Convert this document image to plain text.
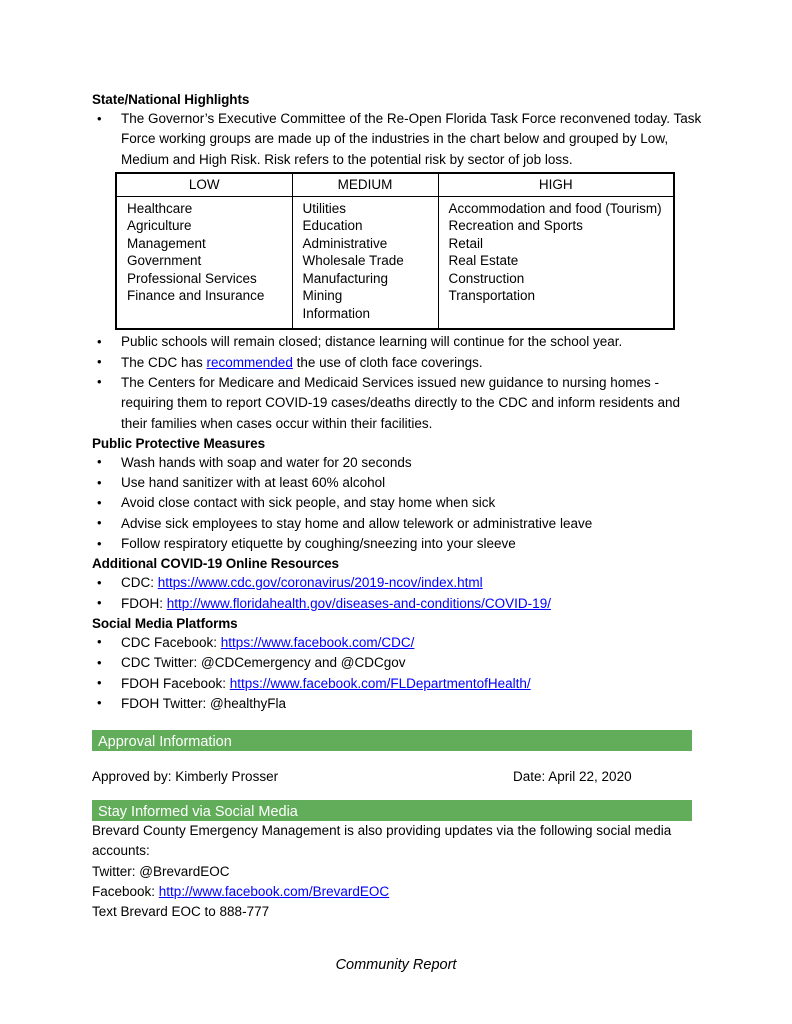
State/National Highlights
• The Governor’s Executive Committee of the Re-Open Florida Task Force reconvened today. Task Force working groups are made up of the industries in the chart below and grouped by Low, Medium and High Risk. Risk refers to the potential risk by sector of job loss.
LOW	MEDIUM	HIGH

Healthcare
Agriculture
Management
Government
Professional Services
Finance and Insurance

Utilities
Education
Administrative
Wholesale Trade
Manufacturing
Mining
Information

Accommodation and food (Tourism)
Recreation and Sports
Retail
Real Estate
Construction
Transportation
• Public schools will remain closed; distance learning will continue for the school year.
• The CDC has recommended the use of cloth face coverings.
• The Centers for Medicare and Medicaid Services issued new guidance to nursing homes - requiring them to report COVID-19 cases/deaths directly to the CDC and inform residents and their families when cases occur within their facilities.
Public Protective Measures
• Wash hands with soap and water for 20 seconds
• Use hand sanitizer with at least 60% alcohol
• Avoid close contact with sick people, and stay home when sick
• Advise sick employees to stay home and allow telework or administrative leave
• Follow respiratory etiquette by coughing/sneezing into your sleeve
Additional COVID-19 Online Resources
• CDC: https://www.cdc.gov/coronavirus/2019-ncov/index.html
• FDOH: http://www.floridahealth.gov/diseases-and-conditions/COVID-19/
Social Media Platforms
• CDC Facebook: https://www.facebook.com/CDC/
• CDC Twitter: @CDCemergency and @CDCgov
• FDOH Facebook: https://www.facebook.com/FLDepartmentofHealth/
• FDOH Twitter: @healthyFla
Approval Information
Approved by: Kimberly Prosser	Date: April 22, 2020
Stay Informed via Social Media
Brevard County Emergency Management is also providing updates via the following social media accounts:
Twitter: @BrevardEOC
Facebook: http://www.facebook.com/BrevardEOC
Text Brevard EOC to 888-777
Community Report
